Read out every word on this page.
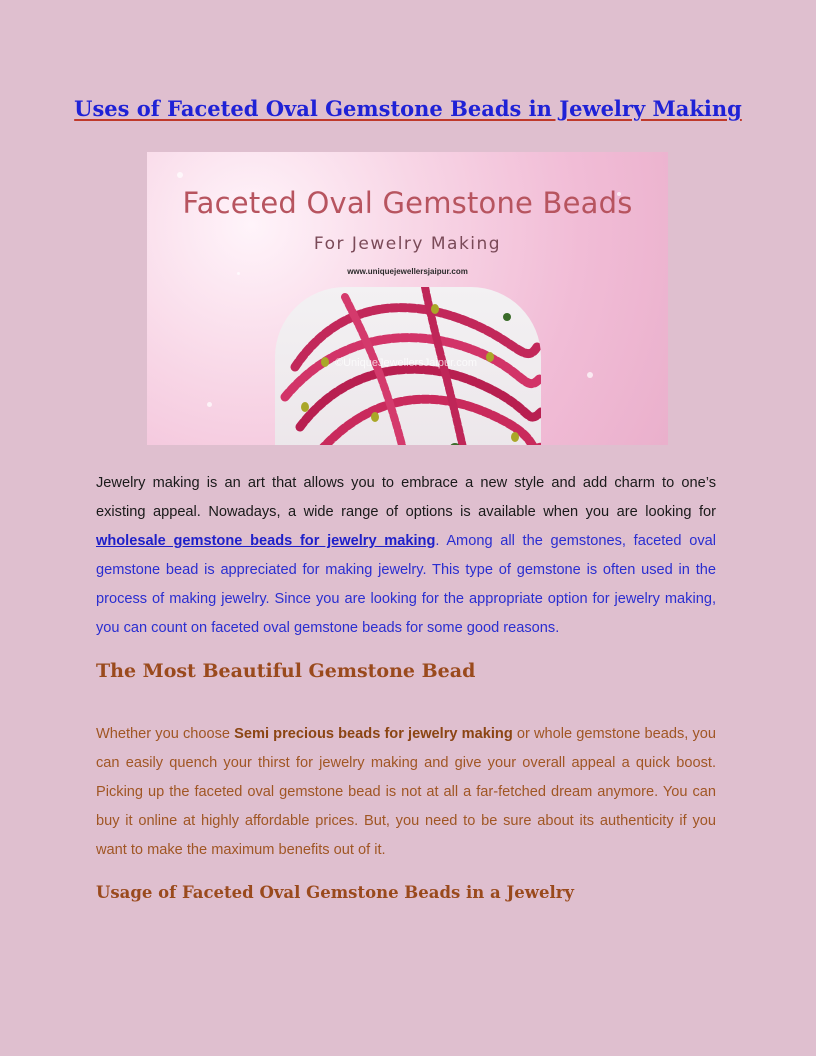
Uses of Faceted Oval Gemstone Beads in Jewelry Making
Faceted Oval Gemstone Beads
For Jewelry Making
www.uniquejewellersjaipur.com
©UniqueJewellersJaipur.com

Jewelry making is an art that allows you to embrace a new style and add charm to one’s existing appeal. Nowadays, a wide range of options is available when you are looking for wholesale gemstone beads for jewelry making. Among all the gemstones, faceted oval gemstone bead is appreciated for making jewelry. This type of gemstone is often used in the process of making jewelry. Since you are looking for the appropriate option for jewelry making, you can count on faceted oval gemstone beads for some good reasons.

The Most Beautiful Gemstone Bead

Whether you choose Semi precious beads for jewelry making or whole gemstone beads, you can easily quench your thirst for jewelry making and give your overall appeal a quick boost. Picking up the faceted oval gemstone bead is not at all a far-fetched dream anymore. You can buy it online at highly affordable prices. But, you need to be sure about its authenticity if you want to make the maximum benefits out of it.

Usage of Faceted Oval Gemstone Beads in a Jewelry
